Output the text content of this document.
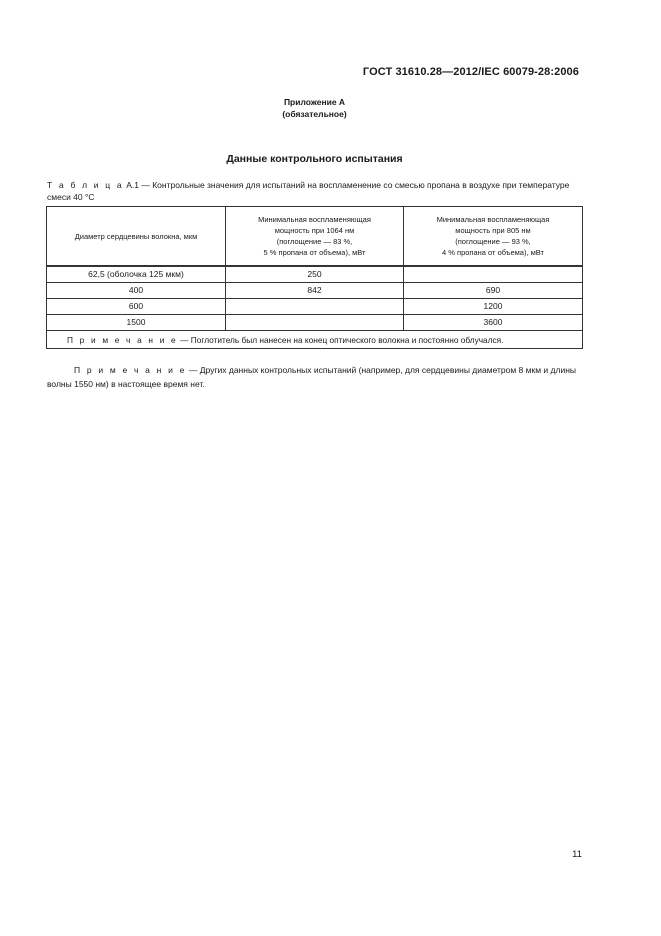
ГОСТ 31610.28—2012/IEC 60079-28:2006
Приложение А
(обязательное)
Данные контрольного испытания
Т а б л и ц а А.1 — Контрольные значения для испытаний на воспламенение со смесью пропана в воздухе при температуре смеси 40 °С
Диаметр сердцевины волокна, мкм	Минимальная воспламеняющая
мощность при 1064 нм
(поглощение — 83 %,
5 % пропана от объема), мВт	Минимальная воспламеняющая
мощность при 805 нм
(поглощение — 93 %,
4 % пропана от объема), мВт
62,5 (оболочка 125 мкм)	250	
400	842	690
600		1200
1500		3600
П р и м е ч а н и е — Поглотитель был нанесен на конец оптического волокна и постоянно облучался.		
П р и м е ч а н и е — Других данных контрольных испытаний (например, для сердцевины диаметром 8 мкм и длины волны 1550 нм) в настоящее время нет.
11
